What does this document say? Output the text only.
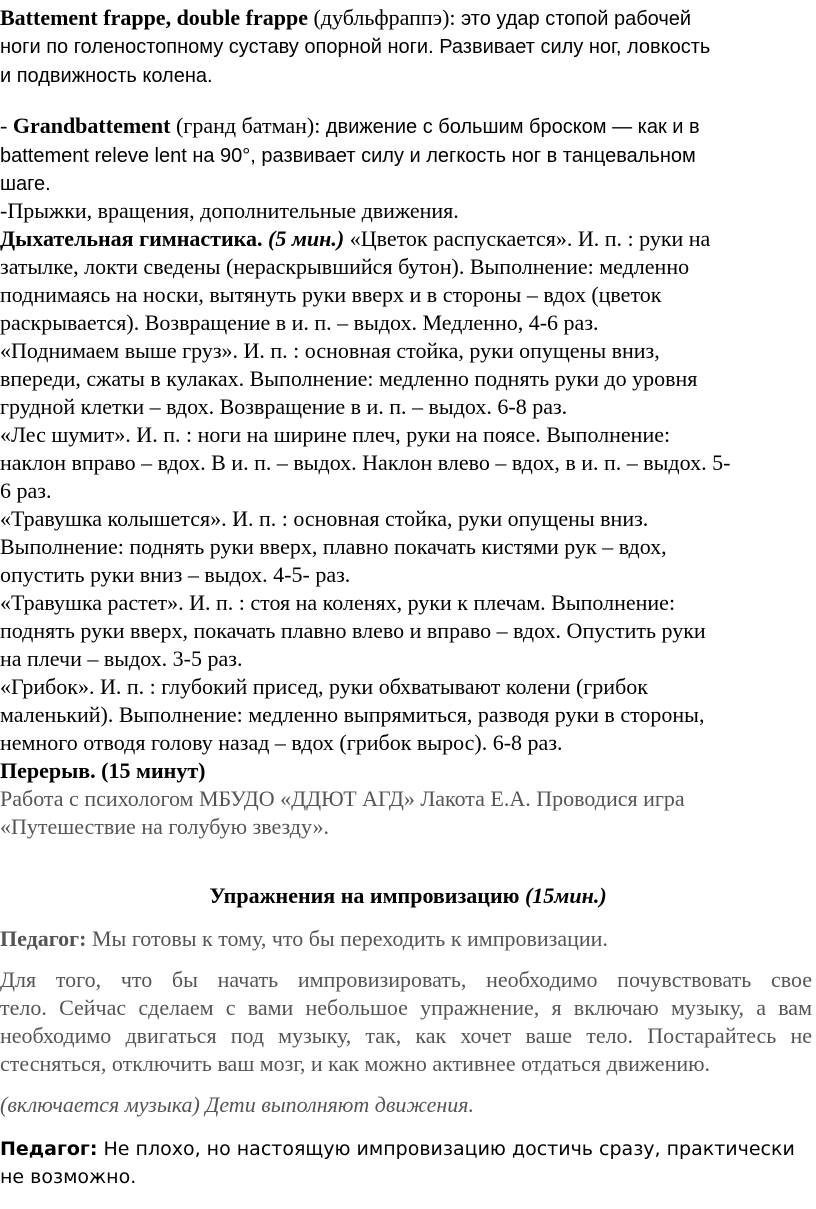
Battement frappe, double frappe (дубльфраппэ): это удар стопой рабочей
ноги по голеностопному суставу опорной ноги. Развивает силу ног, ловкость
и подвижность колена.
- Grandbattement (гранд батман): движение с большим броском — как и в
battement releve lent на 90°, развивает силу и легкость ног в танцевальном
шаге.
-Прыжки, вращения, дополнительные движения.
Дыхательная гимнастика. (5 мин.) «Цветок распускается». И. п. : руки на
затылке, локти сведены (нераскрывшийся бутон). Выполнение: медленно
поднимаясь на носки, вытянуть руки вверх и в стороны – вдох (цветок
раскрывается). Возвращение в и. п. – выдох. Медленно, 4-6 раз.
«Поднимаем выше груз». И. п. : основная стойка, руки опущены вниз,
впереди, сжаты в кулаках. Выполнение: медленно поднять руки до уровня
грудной клетки – вдох. Возвращение в и. п. – выдох. 6-8 раз.
«Лес шумит». И. п. : ноги на ширине плеч, руки на поясе. Выполнение:
наклон вправо – вдох. В и. п. – выдох. Наклон влево – вдох, в и. п. – выдох. 5-
6 раз.
«Травушка колышется». И. п. : основная стойка, руки опущены вниз.
Выполнение: поднять руки вверх, плавно покачать кистями рук – вдох,
опустить руки вниз – выдох. 4-5- раз.
«Травушка растет». И. п. : стоя на коленях, руки к плечам. Выполнение:
поднять руки вверх, покачать плавно влево и вправо – вдох. Опустить руки
на плечи – выдох. 3-5 раз.
«Грибок». И. п. : глубокий присед, руки обхватывают колени (грибок
маленький). Выполнение: медленно выпрямиться, разводя руки в стороны,
немного отводя голову назад – вдох (грибок вырос). 6-8 раз.
Перерыв. (15 минут)
Работа с психологом МБУДО «ДДЮТ АГД» Лакота Е.А. Проводися игра
«Путешествие на голубую звезду».
Упражнения на импровизацию (15мин.)
Педагог: Мы готовы к тому, что бы переходить к импровизации.
Для того, что бы начать импровизировать, необходимо почувствовать свое
тело. Сейчас сделаем с вами небольшое упражнение, я включаю музыку, а вам
необходимо двигаться под музыку, так, как хочет ваше тело. Постарайтесь не
стесняться, отключить ваш мозг, и как можно активнее отдаться движению.
(включается музыка) Дети выполняют движения.
Педагог: Не плохо, но настоящую импровизацию достичь сразу, практически
не возможно.
